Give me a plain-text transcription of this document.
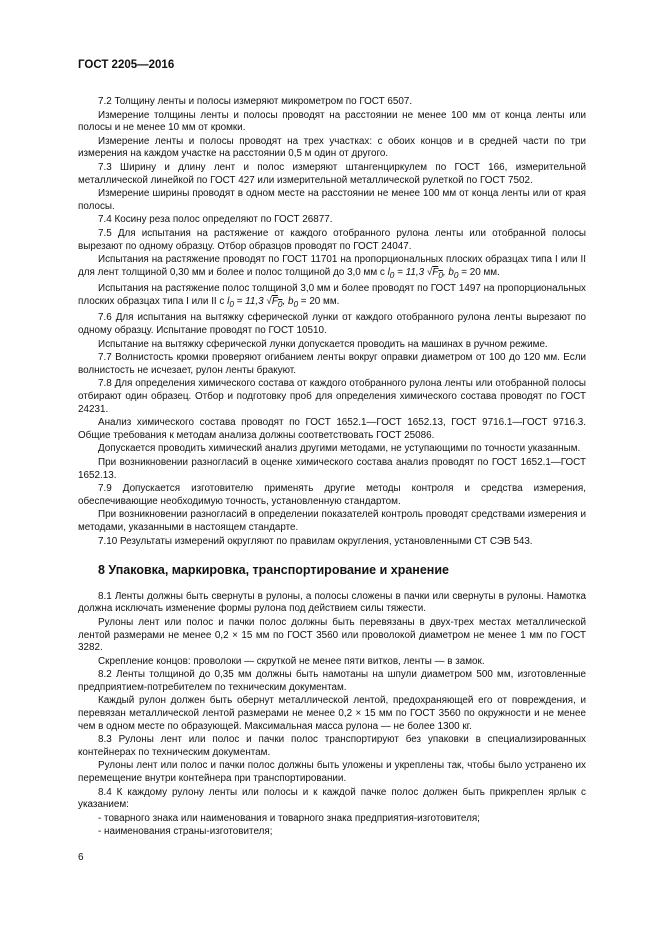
ГОСТ 2205—2016

7.2 Толщину ленты и полосы измеряют микрометром по ГОСТ 6507.

Измерение толщины ленты и полосы проводят на расстоянии не менее 100 мм от конца ленты или полосы и не менее 10 мм от кромки.

Измерение ленты и полосы проводят на трех участках: с обоих концов и в средней части по три измерения на каждом участке на расстоянии 0,5 м один от другого.

7.3 Ширину и длину лент и полос измеряют штангенциркулем по ГОСТ 166, измерительной металлической линейкой по ГОСТ 427 или измерительной металлической рулеткой по ГОСТ 7502.

Измерение ширины проводят в одном месте на расстоянии не менее 100 мм от конца ленты или от края полосы.

7.4 Косину реза полос определяют по ГОСТ 26877.

7.5 Для испытания на растяжение от каждого отобранного рулона ленты или отобранной полосы вырезают по одному образцу. Отбор образцов проводят по ГОСТ 24047.

Испытания на растяжение проводят по ГОСТ 11701 на пропорциональных плоских образцах типа I или II для лент толщиной 0,30 мм и более и полос толщиной до 3,0 мм с $l_0 = 11,3$ $√F_0$, $b_0 = 20$ мм.

Испытания на растяжение полос толщиной 3,0 мм и более проводят по ГОСТ 1497 на пропорциональных плоских образцах типа I или II с $l_0 = 11,3$ $√F_0$, $b_0 = 20$ мм.

7.6 Для испытания на вытяжку сферической лунки от каждого отобранного рулона ленты вырезают по одному образцу. Испытание проводят по ГОСТ 10510.

Испытание на вытяжку сферической лунки допускается проводить на машинах в ручном режиме.

7.7 Волнистость кромки проверяют огибанием ленты вокруг оправки диаметром от 100 до 120 мм. Если волнистость не исчезает, рулон ленты бракуют.

7.8 Для определения химического состава от каждого отобранного рулона ленты или отобранной полосы отбирают один образец. Отбор и подготовку проб для определения химического состава проводят по ГОСТ 24231.

Анализ химического состава проводят по ГОСТ 1652.1—ГОСТ 1652.13, ГОСТ 9716.1—ГОСТ 9716.3. Общие требования к методам анализа должны соответствовать ГОСТ 25086.

Допускается проводить химический анализ другими методами, не уступающими по точности указанным.

При возникновении разногласий в оценке химического состава анализ проводят по ГОСТ 1652.1—ГОСТ 1652.13.

7.9 Допускается изготовителю применять другие методы контроля и средства измерения, обеспечивающие необходимую точность, установленную стандартом.

При возникновении разногласий в определении показателей контроль проводят средствами измерения и методами, указанными в настоящем стандарте.

7.10 Результаты измерений округляют по правилам округления, установленными СТ СЭВ 543.

8 Упаковка, маркировка, транспортирование и хранение

8.1 Ленты должны быть свернуты в рулоны, а полосы сложены в пачки или свернуты в рулоны. Намотка должна исключать изменение формы рулона под действием силы тяжести.

Рулоны лент или полос и пачки полос должны быть перевязаны в двух-трех местах металлической лентой размерами не менее 0,2 × 15 мм по ГОСТ 3560 или проволокой диаметром не менее 1 мм по ГОСТ 3282.

Скрепление концов: проволоки — скруткой не менее пяти витков, ленты — в замок.

8.2 Ленты толщиной до 0,35 мм должны быть намотаны на шпули диаметром 500 мм, изготовленные предприятием-потребителем по техническим документам.

Каждый рулон должен быть обернут металлической лентой, предохраняющей его от повреждения, и перевязан металлической лентой размерами не менее 0,2 × 15 мм по ГОСТ 3560 по окружности и не менее чем в одном месте по образующей. Максимальная масса рулона — не более 1300 кг.

8.3 Рулоны лент или полос и пачки полос транспортируют без упаковки в специализированных контейнерах по техническим документам.

Рулоны лент или полос и пачки полос должны быть уложены и укреплены так, чтобы было устранено их перемещение внутри контейнера при транспортировании.

8.4 К каждому рулону ленты или полосы и к каждой пачке полос должен быть прикреплен ярлык с указанием:

- товарного знака или наименования и товарного знака предприятия-изготовителя;
- наименования страны-изготовителя;
6
